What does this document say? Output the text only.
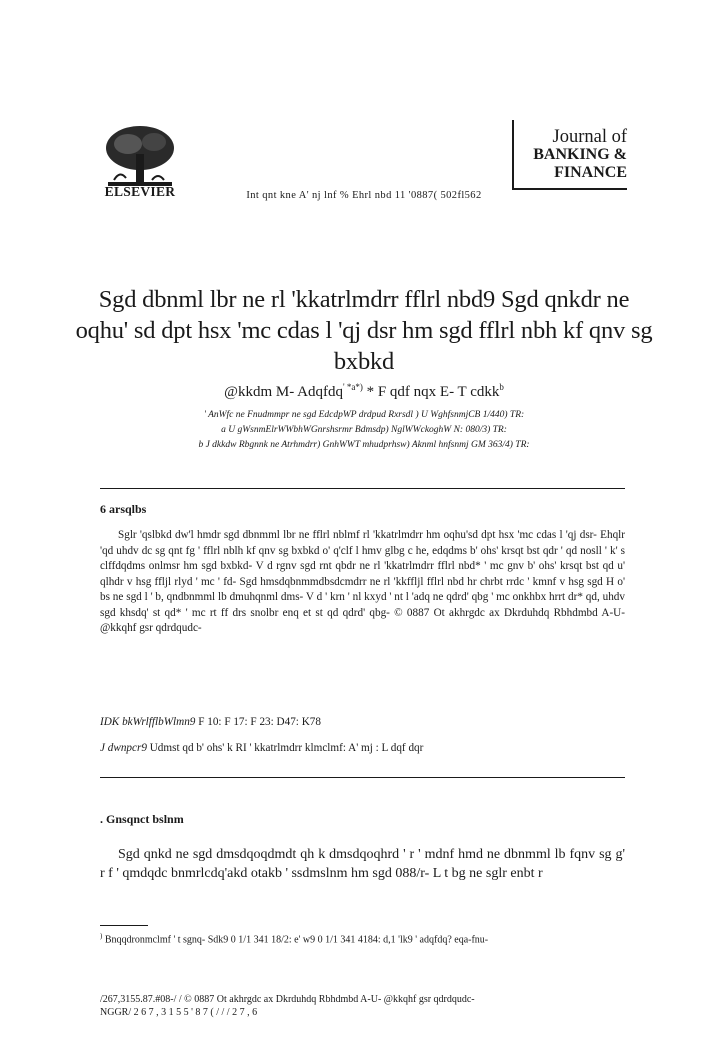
ELSEVIER	Int qnt kne A' nj lnf % Ehrl nbd 11 '0887( 502fl562
Journal of
BANKING &
FINANCE
Sgd dbnml lbr ne rl 'kkatrlmdrr fflrl nbd9 Sgd qnkdr ne oqhu' sd dpt hsx 'mc cdas l 'qj dsr hm sgd fflrl nbh kf qnv sg bxbkd
@kkdm M- Adqfdq$^{' *a*)}$ * F qdf nqx E- T cdkk$^b$
' AnWfc ne Fnudmmpr ne sgd EdcdpWP drdpud Rxrsdl ) U WghfsnmjCB 1/440) TR:
a U gWsnmElrWWbhWGnrshsrmr Bdmsdp) NglWWckoghW N: 080/3) TR:
b J dkkdw Rbgnnk ne Atrhmdrr) GnhWWT mhudprhsw) Aknml hnfsnmj GM 363/4) TR:
6 arsqlbs
Sglr 'qslbkd dw'l hmdr sgd dbnmml lbr ne fflrl nblmf rl 'kkatrlmdrr hm oqhu'sd dpt hsx 'mc cdas l 'qj dsr- Ehqlr 'qd uhdv dc sg qnt fg ' fflrl nblh kf qnv sg bxbkd o' q'clf l hmv glbg c he, edqdms b' ohs' krsqt bst qdr ' qd nosll ' k' s clffdqdms onlmsr hm sgd bxbkd- V d rgnv sgd rnt qbdr ne rl 'kkatrlmdrr fflrl nbd* ' mc gnv b' ohs' krsqt bst qd u' qlhdr v hsg ffljl rlyd ' mc ' fd- Sgd hmsdqbnmmdbsdcmdrr ne rl 'kkffljl fflrl nbd hr chrbt rrdc ' kmnf v hsg sgd H o' bs ne sgd l ' b, qndbnmml lb dmuhqnml dms- V d ' krn ' nl kxyd ' nt l 'adq ne qdrd' qbg ' mc onkhbx hrrt dr* qd, uhdv sgd khsdq' st qd* ' mc rt ff drs snolbr enq et st qd qdrd' qbg- © 0887 Ot akhrgdc ax Dkrduhdq Rbhdmbd A-U- @kkqhf gsr qdrdqudc-
IDK bkWrlfflbWlmn9 F 10: F 17: F 23: D47: K78
J dwnpcr9 Udmst qd b' ohs' k RI ' kkatrlmdrr klmclmf: A' mj : L dqf dqr
. Gnsqnct bslnm
Sgd qnkd ne sgd dmsdqoqdmdt qh k dmsdqoqhrd ' r ' mdnf hmd ne dbnmml lb fqnv sg g' r f ' qmdqdc bnmrlcdq'akd otakb ' ssdmslnm hm sgd 088/r- L t bg ne sglr enbt r
) Bnqqdronmclmf ' t sgnq- Sdk9 0 1/1 341 18/2: e' w9 0 1/1 341 4184: d,1 'lk9 ' adqfdq? eqa-fnu-
/267,3155.87.#08-/ / © 0887 Ot akhrgdc ax Dkrduhdq Rbhdmbd A-U- @kkqhf gsr qdrdqudc-
NGGR/ 2 6 7 , 3 1 5 5 ' 8 7 ( / / / 2 7 , 6
